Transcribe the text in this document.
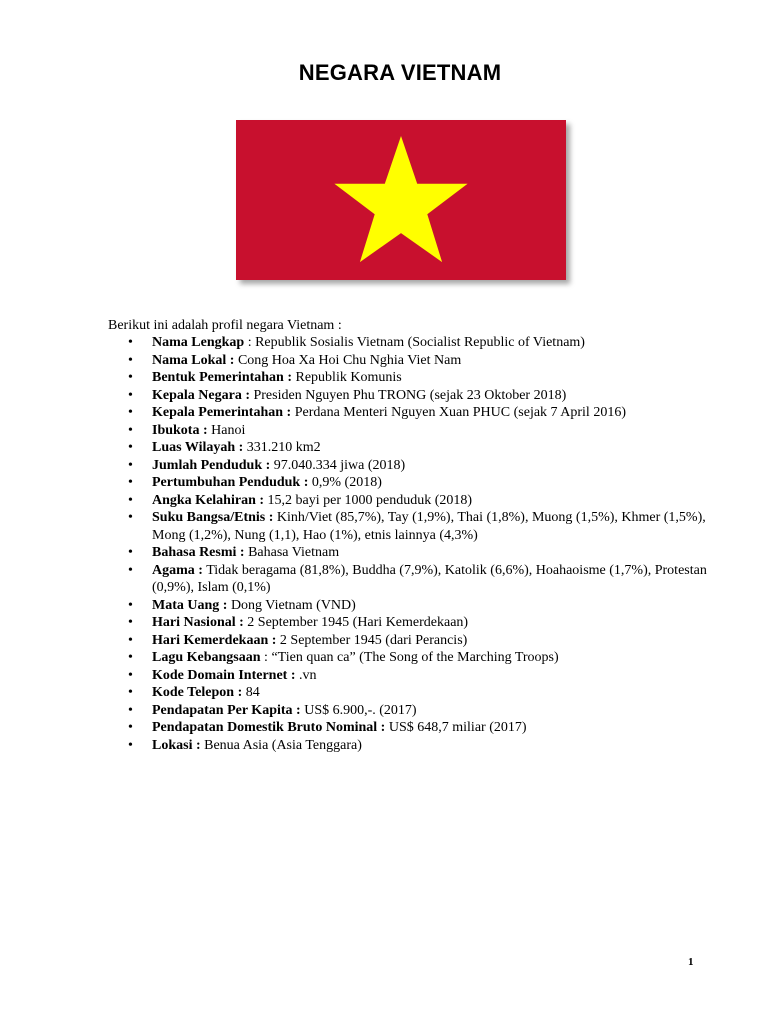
NEGARA VIETNAM
Berikut ini adalah profil negara Vietnam :
•	Nama Lengkap : Republik Sosialis Vietnam (Socialist Republic of Vietnam)
•	Nama Lokal : Cong Hoa Xa Hoi Chu Nghia Viet Nam
•	Bentuk Pemerintahan : Republik Komunis
•	Kepala Negara : Presiden Nguyen Phu TRONG (sejak 23 Oktober 2018)
•	Kepala Pemerintahan : Perdana Menteri Nguyen Xuan PHUC (sejak 7 April 2016)
•	Ibukota : Hanoi
•	Luas Wilayah : 331.210 km2
•	Jumlah Penduduk : 97.040.334 jiwa (2018)
•	Pertumbuhan Penduduk : 0,9% (2018)
•	Angka Kelahiran : 15,2 bayi per 1000 penduduk (2018)
•	Suku Bangsa/Etnis : Kinh/Viet (85,7%), Tay (1,9%), Thai (1,8%), Muong (1,5%), Khmer (1,5%), Mong (1,2%), Nung (1,1), Hao (1%), etnis lainnya (4,3%)
•	Bahasa Resmi : Bahasa Vietnam
•	Agama : Tidak beragama (81,8%), Buddha (7,9%), Katolik (6,6%), Hoahaoisme (1,7%), Protestan (0,9%), Islam (0,1%)
•	Mata Uang : Dong Vietnam (VND)
•	Hari Nasional : 2 September 1945 (Hari Kemerdekaan)
•	Hari Kemerdekaan : 2 September 1945 (dari Perancis)
•	Lagu Kebangsaan : “Tien quan ca” (The Song of the Marching Troops)
•	Kode Domain Internet : .vn
•	Kode Telepon : 84
•	Pendapatan Per Kapita : US$ 6.900,-. (2017)
•	Pendapatan Domestik Bruto Nominal : US$ 648,7 miliar (2017)
•	Lokasi : Benua Asia (Asia Tenggara)
1
